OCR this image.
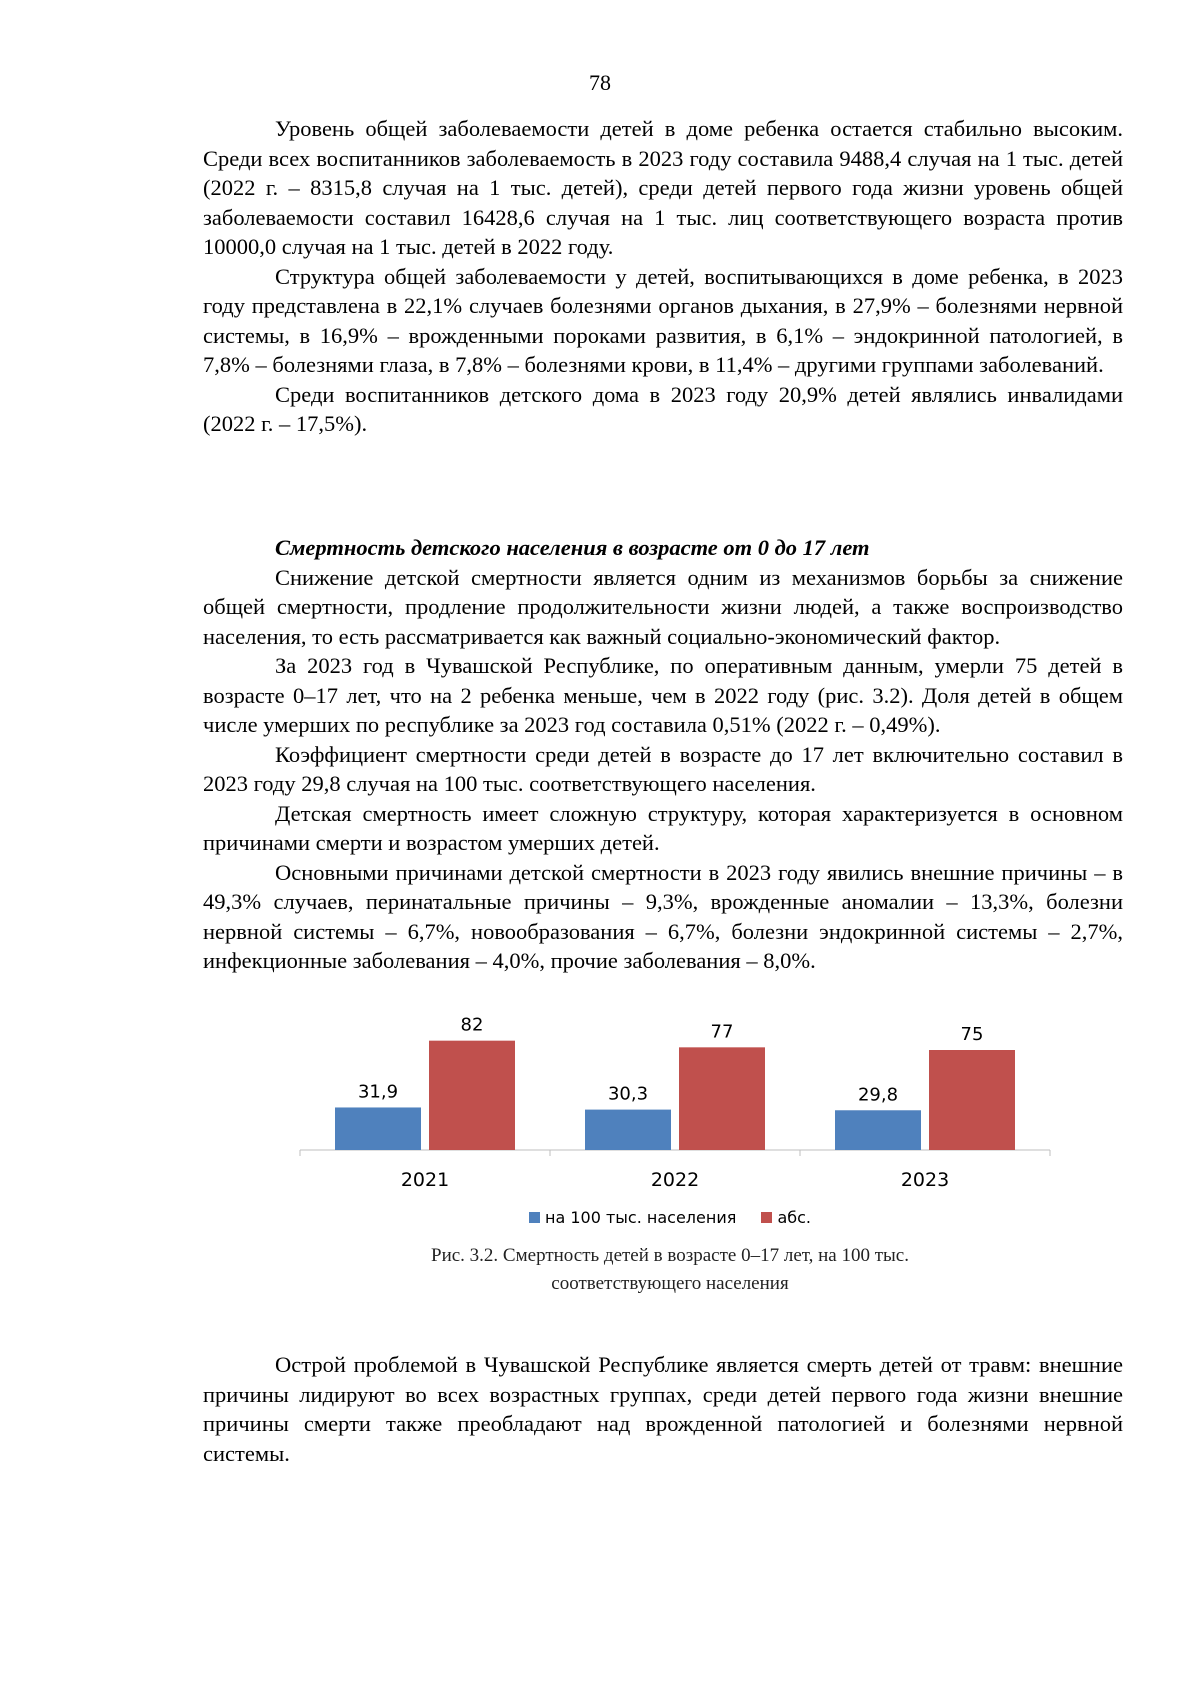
78

Уровень общей заболеваемости детей в доме ребенка остается стабильно высоким. Среди всех воспитанников заболеваемость в 2023 году составила 9488,4 случая на 1 тыс. детей (2022 г. – 8315,8 случая на 1 тыс. детей), среди детей первого года жизни уровень общей заболеваемости составил 16428,6 случая на 1 тыс. лиц соответствующего возраста против 10000,0 случая на 1 тыс. детей в 2022 году.

Структура общей заболеваемости у детей, воспитывающихся в доме ребенка, в 2023 году представлена в 22,1% случаев болезнями органов дыхания, в 27,9% – болезнями нервной системы, в 16,9% – врожденными пороками развития, в 6,1% – эндокринной патологией, в 7,8% – болезнями глаза, в 7,8% – болезнями крови, в 11,4% – другими группами заболеваний.

Среди воспитанников детского дома в 2023 году 20,9% детей являлись инвалидами (2022 г. – 17,5%).

Смертность детского населения в возрасте от 0 до 17 лет

Снижение детской смертности является одним из механизмов борьбы за снижение общей смертности, продление продолжительности жизни людей, а также воспроизводство населения, то есть рассматривается как важный социально-экономический фактор.

За 2023 год в Чувашской Республике, по оперативным данным, умерли 75 детей в возрасте 0–17 лет, что на 2 ребенка меньше, чем в 2022 году (рис. 3.2). Доля детей в общем числе умерших по республике за 2023 год составила 0,51% (2022 г. – 0,49%).

Коэффициент смертности среди детей в возрасте до 17 лет включительно составил в 2023 году 29,8 случая на 100 тыс. соответствующего населения.

Детская смертность имеет сложную структуру, которая характеризуется в основном причинами смерти и возрастом умерших детей.

Основными причинами детской смертности в 2023 году явились внешние причины – в 49,3% случаев, перинатальные причины – 9,3%, врожденные аномалии – 13,3%, болезни нервной системы – 6,7%, новообразования – 6,7%, болезни эндокринной системы – 2,7%, инфекционные заболевания – 4,0%, прочие заболевания – 8,0%.

2021
31,9
82
2022
30,3
77
2023
29,8
75
на 100 тыс. населения	абс.
Рис. 3.2. Смертность детей в возрасте 0–17 лет, на 100 тыс.
соответствующего населения

Острой проблемой в Чувашской Республике является смерть детей от травм: внешние причины лидируют во всех возрастных группах, среди детей первого года жизни внешние причины смерти также преобладают над врожденной патологией и болезнями нервной системы.
